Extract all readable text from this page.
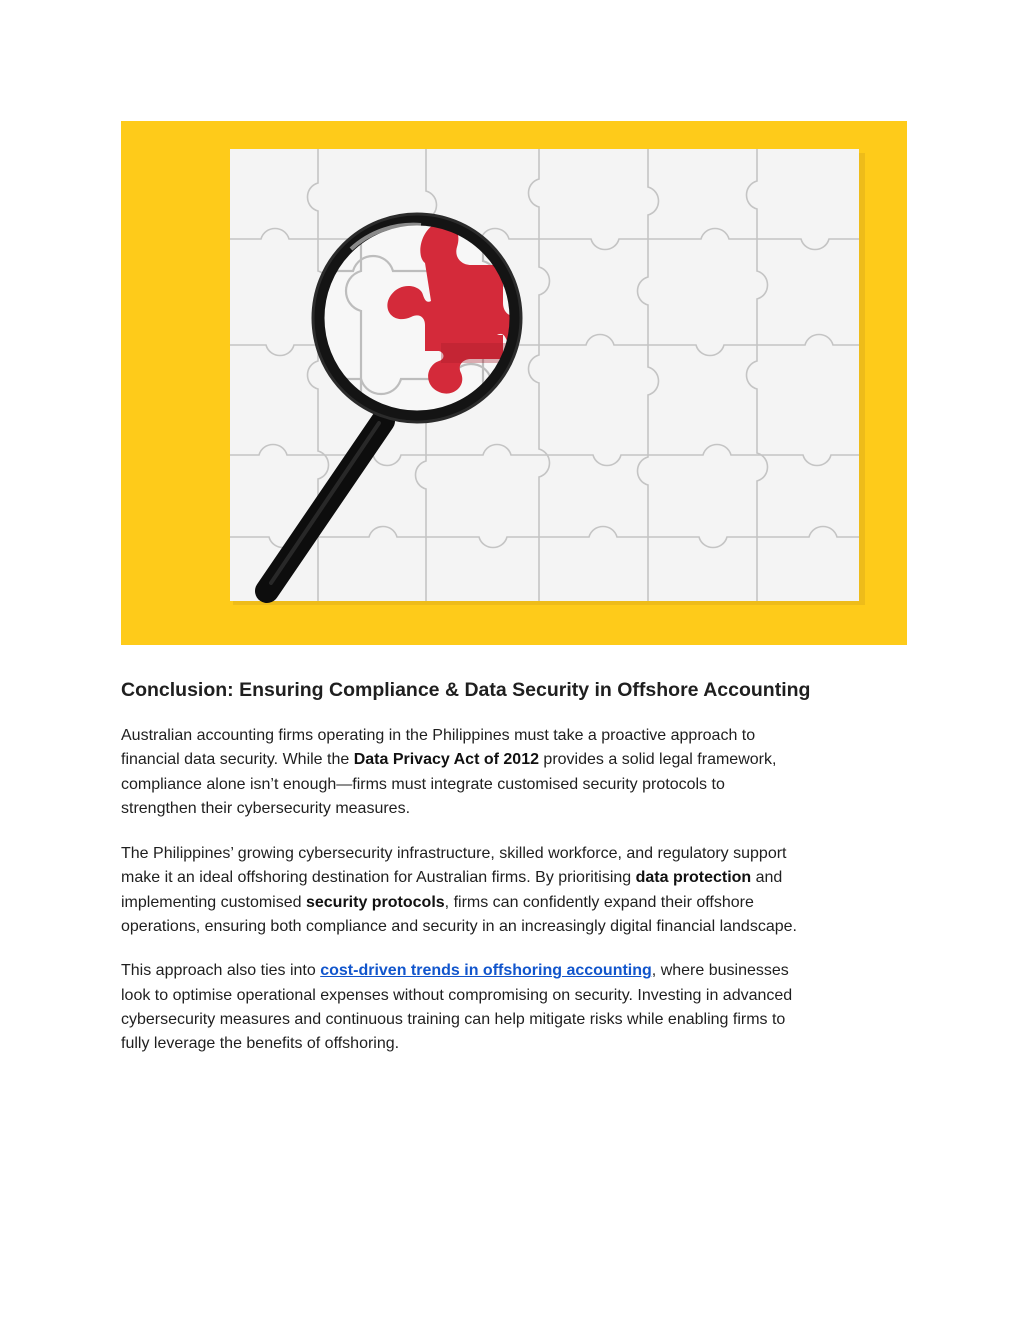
Conclusion: Ensuring Compliance & Data Security in Offshore Accounting

Australian accounting firms operating in the Philippines must take a proactive approach to
financial data security. While the Data Privacy Act of 2012 provides a solid legal framework,
compliance alone isn’t enough—firms must integrate customised security protocols to
strengthen their cybersecurity measures.

The Philippines’ growing cybersecurity infrastructure, skilled workforce, and regulatory support
make it an ideal offshoring destination for Australian firms. By prioritising data protection and
implementing customised security protocols, firms can confidently expand their offshore
operations, ensuring both compliance and security in an increasingly digital financial landscape.

This approach also ties into cost-driven trends in offshoring accounting, where businesses
look to optimise operational expenses without compromising on security. Investing in advanced
cybersecurity measures and continuous training can help mitigate risks while enabling firms to
fully leverage the benefits of offshoring.
